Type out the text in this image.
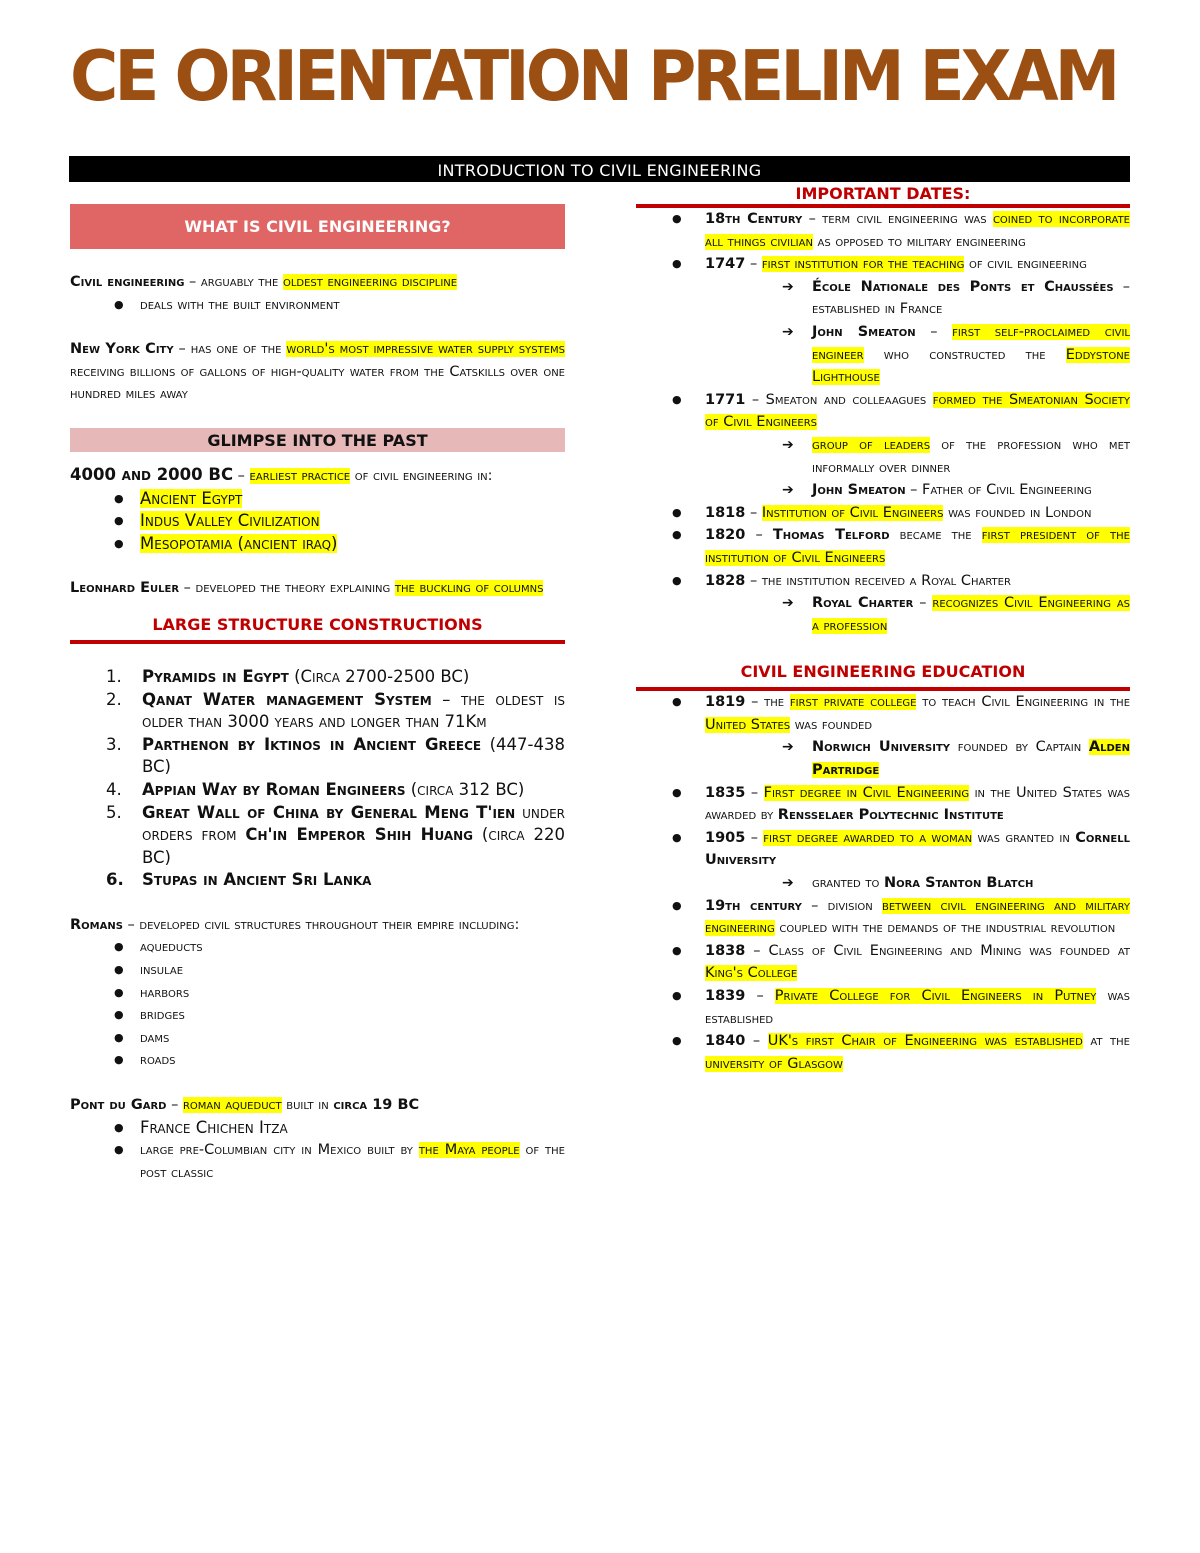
CE ORIENTATION PRELIM EXAM
INTRODUCTION TO CIVIL ENGINEERING
WHAT IS CIVIL ENGINEERING?

Civil engineering – arguably the oldest engineering discipline

● deals with the built environment

New York City – has one of the world's most impressive water supply systems receiving billions of gallons of high-quality water from the Catskills over one hundred miles away

GLIMPSE INTO THE PAST

4000 and 2000 BC – earliest practice of civil engineering in:

● Ancient Egypt
● Indus Valley Civilization
● Mesopotamia (ancient iraq)

Leonhard Euler – developed the theory explaining the buckling of columns

LARGE STRUCTURE CONSTRUCTIONS
1. Pyramids in Egypt (Circa 2700-2500 BC)
2. Qanat Water management System – the oldest is older than 3000 years and longer than 71Km
3. Parthenon by Iktinos in Ancient Greece (447-438 BC)
4. Appian Way by Roman Engineers (circa 312 BC)
5. Great Wall of China by General Meng T'ien under orders from Ch'in Emperor Shih Huang (circa 220 BC)
6. Stupas in Ancient Sri Lanka

Romans – developed civil structures throughout their empire including:

● aqueducts
● insulae
● harbors
● bridges
● dams
● roads

Pont du Gard – roman aqueduct built in circa 19 BC

● France Chichen Itza
● large pre-Columbian city in Mexico built by the Maya people of the post classic
IMPORTANT DATES:
● 18th Century – term civil engineering was coined to incorporate all things civilian as opposed to military engineering
● 1747 – first institution for the teaching of civil engineering
➔ École Nationale des Ponts et Chaussées – established in France
➔ John Smeaton – first self-proclaimed civil engineer who constructed the Eddystone Lighthouse
● 1771 – Smeaton and colleaagues formed the Smeatonian Society of Civil Engineers
➔ group of leaders of the profession who met informally over dinner
➔ John Smeaton – Father of Civil Engineering
● 1818 – Institution of Civil Engineers was founded in London
● 1820 – Thomas Telford became the first president of the institution of Civil Engineers
● 1828 – the institution received a Royal Charter
➔ Royal Charter – recognizes Civil Engineering as a profession
CIVIL ENGINEERING EDUCATION
● 1819 – the first private college to teach Civil Engineering in the United States was founded
➔ Norwich University founded by Captain Alden Partridge
● 1835 – First degree in Civil Engineering in the United States was awarded by Rensselaer Polytechnic Institute
● 1905 – first degree awarded to a woman was granted in Cornell University
➔ granted to Nora Stanton Blatch
● 19th century – division between civil engineering and military engineering coupled with the demands of the industrial revolution
● 1838 – Class of Civil Engineering and Mining was founded at King's College
● 1839 – Private College for Civil Engineers in Putney was established
● 1840 – UK's first Chair of Engineering was established at the university of Glasgow
